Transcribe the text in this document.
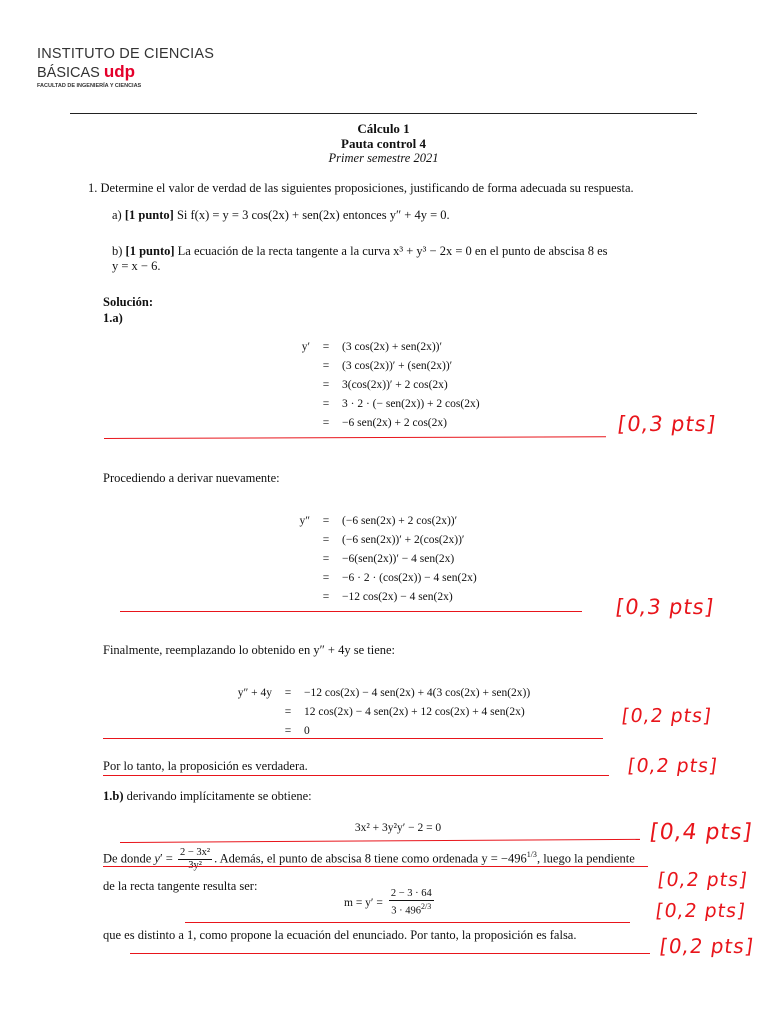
INSTITUTO DE CIENCIAS
BÁSICAS udp
FACULTAD DE INGENIERÍA Y CIENCIAS
Cálculo 1
Pauta control 4
Primer semestre 2021
1. Determine el valor de verdad de las siguientes proposiciones, justificando de forma adecuada su respuesta.
a) [1 punto] Si f(x) = y = 3 cos(2x) + sen(2x) entonces y″ + 4y = 0.
b) [1 punto] La ecuación de la recta tangente a la curva x³ + y³ − 2x = 0 en el punto de abscisa 8 es
y = x − 6.
Solución:
1.a)
y′	=	(3 cos(2x) + sen(2x))′
=	(3 cos(2x))′ + (sen(2x))′
=	3(cos(2x))′ + 2 cos(2x)
=	3 · 2 · (− sen(2x)) + 2 cos(2x)
=	−6 sen(2x) + 2 cos(2x)
Procediendo a derivar nuevamente:
y″	=	(−6 sen(2x) + 2 cos(2x))′
=	(−6 sen(2x))′ + 2(cos(2x))′
=	−6(sen(2x))′ − 4 sen(2x)
=	−6 · 2 · (cos(2x)) − 4 sen(2x)
=	−12 cos(2x) − 4 sen(2x)
Finalmente, reemplazando lo obtenido en y″ + 4y se tiene:
y″ + 4y	=	−12 cos(2x) − 4 sen(2x) + 4(3 cos(2x) + sen(2x))
=	12 cos(2x) − 4 sen(2x) + 12 cos(2x) + 4 sen(2x)
=	0
Por lo tanto, la proposición es verdadera.
1.b) derivando implícitamente se obtiene:
3x² + 3y²y′ − 2 = 0
De donde $y' = \frac{\text{2 − 3x²}}{\text{3y²}}$ . Además, el punto de abscisa 8 tiene como ordenada $y = -496^{1/3}$, luego la pendiente
de la recta tangente resulta ser:
$m = y' = \frac{2 - 3 \cdot 64}{3 \cdot 496^{2/3}}$
que es distinto a 1, como propone la ecuación del enunciado. Por tanto, la proposición es falsa.
[0,3 pts]
[0,3 pts]
[0,2 pts]
[0,2 pts]
[0,4 pts]
[0,2 pts]
[0,2 pts]
[0,2 pts]
